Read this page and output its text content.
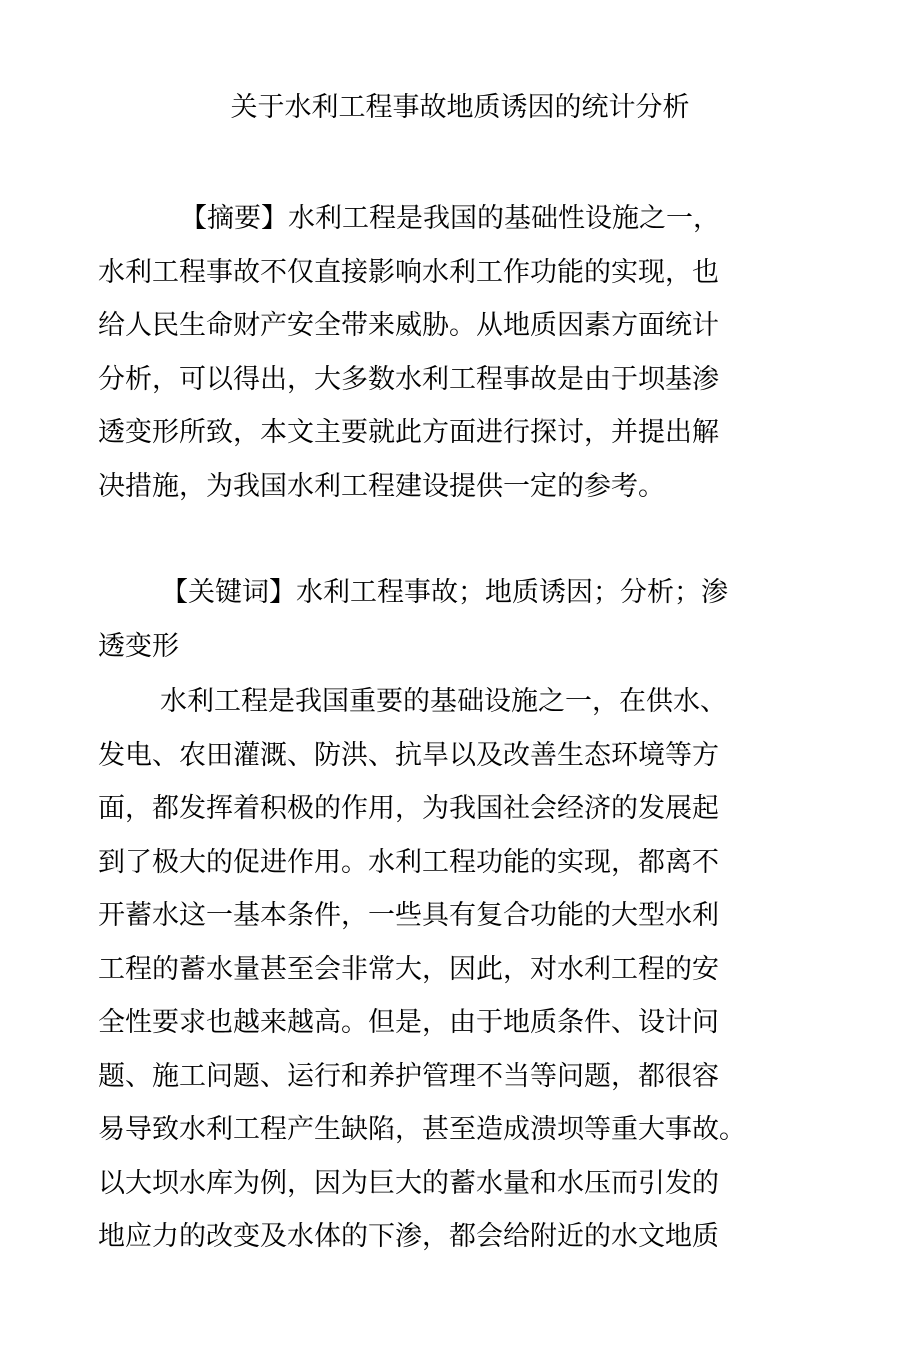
关于水利工程事故地质诱因的统计分析
【摘要】水利工程是我国的基础性设施之一，
水利工程事故不仅直接影响水利工作功能的实现，也
给人民生命财产安全带来威胁。从地质因素方面统计
分析，可以得出，大多数水利工程事故是由于坝基渗
透变形所致，本文主要就此方面进行探讨，并提出解
决措施，为我国水利工程建设提供一定的参考。
【关键词】水利工程事故；地质诱因；分析；渗
透变形
水利工程是我国重要的基础设施之一，在供水、
发电、农田灌溉、防洪、抗旱以及改善生态环境等方
面，都发挥着积极的作用，为我国社会经济的发展起
到了极大的促进作用。水利工程功能的实现，都离不
开蓄水这一基本条件，一些具有复合功能的大型水利
工程的蓄水量甚至会非常大，因此，对水利工程的安
全性要求也越来越高。但是，由于地质条件、设计问
题、施工问题、运行和养护管理不当等问题，都很容
易导致水利工程产生缺陷，甚至造成溃坝等重大事故。
以大坝水库为例，因为巨大的蓄水量和水压而引发的
地应力的改变及水体的下渗，都会给附近的水文地质
